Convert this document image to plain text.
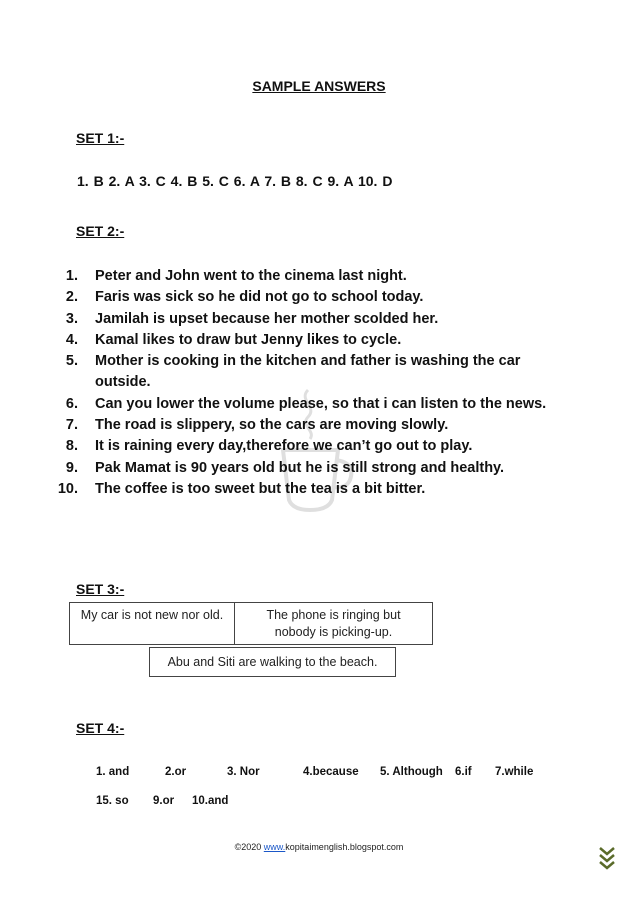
SAMPLE ANSWERS
SET 1:-
1. B 2. A 3. C 4. B 5. C 6. A 7. B 8. C 9. A 10. D
SET 2:-
1. Peter and John went to the cinema last night.
2. Faris was sick so he did not go to school today.
3. Jamilah is upset because her mother scolded her.
4. Kamal likes to draw but Jenny likes to cycle.
5. Mother is cooking in the kitchen and father is washing the car outside.
6. Can you lower the volume please, so that i can listen to the news.
7. The road is slippery, so the cars are moving slowly.
8. It is raining every day,therefore we can’t go out to play.
9. Pak Mamat is 90 years old but he is still strong and healthy.
10. The coffee is too sweet but the tea is a bit bitter.
SET 3:-
My car is not new nor old.	The phone is ringing but nobody is picking-up.
Abu and Siti are walking to the beach.
SET 4:-
1. and	2.or	3. Nor	4.because 5. Although 6.if 7.while
15. so 9.or 10.and
©2020 www.kopitaimenglish.blogspot.com
